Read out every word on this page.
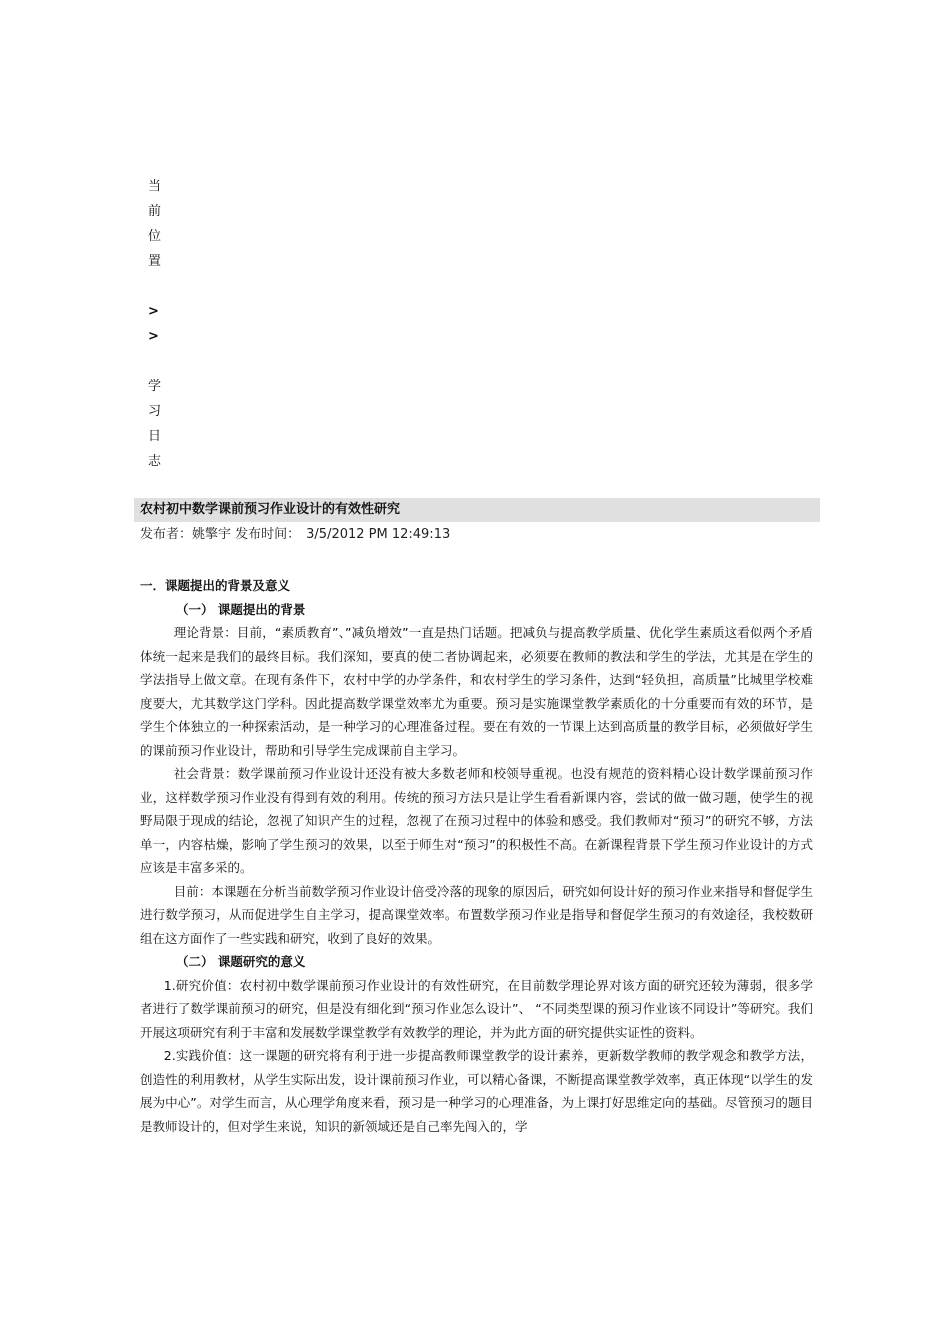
当
前
位
置
>
>
学
习
日
志
农村初中数学课前预习作业设计的有效性研究
发布者：姚擎宇 发布时间： 3/5/2012 PM 12:49:13

一．课题提出的背景及意义

（一） 课题提出的背景

理论背景：目前，“素质教育”、”减负增效”一直是热门话题。把减负与提高教学质量、优化学生素质这看似两个矛盾体统一起来是我们的最终目标。我们深知，要真的使二者协调起来，必须要在教师的教法和学生的学法，尤其是在学生的学法指导上做文章。在现有条件下，农村中学的办学条件，和农村学生的学习条件，达到“轻负担，高质量”比城里学校难度要大，尤其数学这门学科。因此提高数学课堂效率尤为重要。预习是实施课堂教学素质化的十分重要而有效的环节，是学生个体独立的一种探索活动，是一种学习的心理准备过程。要在有效的一节课上达到高质量的教学目标，必须做好学生的课前预习作业设计，帮助和引导学生完成课前自主学习。

社会背景：数学课前预习作业设计还没有被大多数老师和校领导重视。也没有规范的资料精心设计数学课前预习作业，这样数学预习作业没有得到有效的利用。传统的预习方法只是让学生看看新课内容，尝试的做一做习题，使学生的视野局限于现成的结论，忽视了知识产生的过程，忽视了在预习过程中的体验和感受。我们教师对“预习”的研究不够，方法单一，内容枯燥，影响了学生预习的效果，以至于师生对“预习”的积极性不高。在新课程背景下学生预习作业设计的方式应该是丰富多采的。

目前：本课题在分析当前数学预习作业设计倍受冷落的现象的原因后，研究如何设计好的预习作业来指导和督促学生进行数学预习，从而促进学生自主学习，提高课堂效率。布置数学预习作业是指导和督促学生预习的有效途径，我校数研组在这方面作了一些实践和研究，收到了良好的效果。

（二） 课题研究的意义

1.研究价值：农村初中数学课前预习作业设计的有效性研究，在目前数学理论界对该方面的研究还较为薄弱，很多学者进行了数学课前预习的研究，但是没有细化到“预习作业怎么设计”、 “不同类型课的预习作业该不同设计”等研究。我们开展这项研究有利于丰富和发展数学课堂教学有效教学的理论，并为此方面的研究提供实证性的资料。

2.实践价值：这一课题的研究将有利于进一步提高教师课堂教学的设计素养，更新数学教师的教学观念和教学方法，创造性的利用教材，从学生实际出发，设计课前预习作业，可以精心备课，不断提高课堂教学效率，真正体现“以学生的发展为中心”。对学生而言，从心理学角度来看，预习是一种学习的心理准备，为上课打好思维定向的基础。尽管预习的题目是教师设计的，但对学生来说，知识的新领域还是自己率先闯入的，学
